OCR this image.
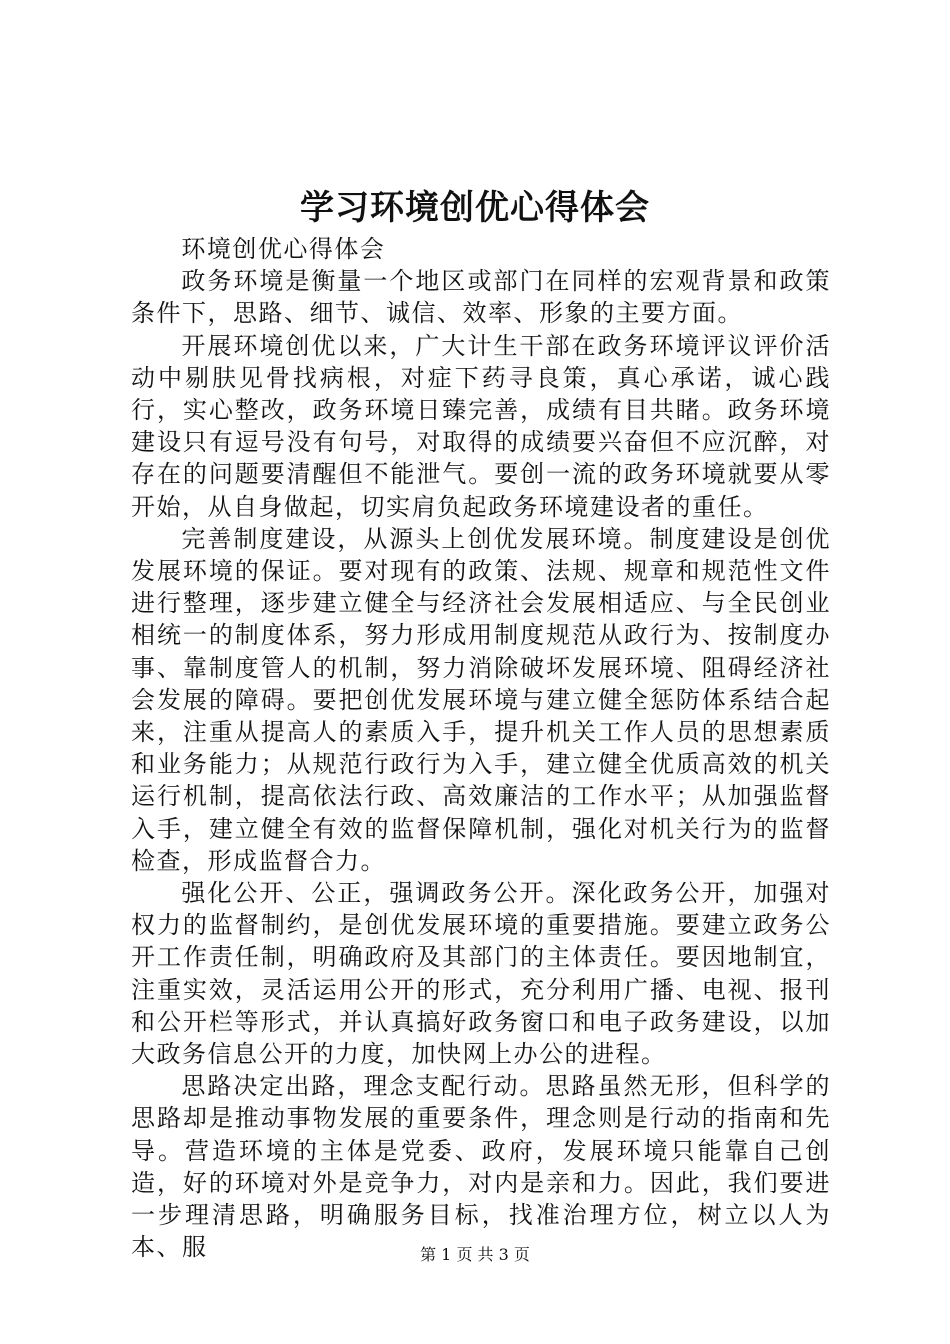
学习环境创优心得体会

环境创优心得体会

政务环境是衡量一个地区或部门在同样的宏观背景和政策条件下，思路、细节、诚信、效率、形象的主要方面。

开展环境创优以来，广大计生干部在政务环境评议评价活动中剔肤见骨找病根，对症下药寻良策，真心承诺，诚心践行，实心整改，政务环境日臻完善，成绩有目共睹。政务环境建设只有逗号没有句号，对取得的成绩要兴奋但不应沉醉，对存在的问题要清醒但不能泄气。要创一流的政务环境就要从零开始，从自身做起，切实肩负起政务环境建设者的重任。

完善制度建设，从源头上创优发展环境。制度建设是创优发展环境的保证。要对现有的政策、法规、规章和规范性文件进行整理，逐步建立健全与经济社会发展相适应、与全民创业相统一的制度体系，努力形成用制度规范从政行为、按制度办事、靠制度管人的机制，努力消除破坏发展环境、阻碍经济社会发展的障碍。要把创优发展环境与建立健全惩防体系结合起来，注重从提高人的素质入手，提升机关工作人员的思想素质和业务能力；从规范行政行为入手，建立健全优质高效的机关运行机制，提高依法行政、高效廉洁的工作水平；从加强监督入手，建立健全有效的监督保障机制，强化对机关行为的监督检查，形成监督合力。

强化公开、公正，强调政务公开。深化政务公开，加强对权力的监督制约，是创优发展环境的重要措施。要建立政务公开工作责任制，明确政府及其部门的主体责任。要因地制宜，注重实效，灵活运用公开的形式，充分利用广播、电视、报刊和公开栏等形式，并认真搞好政务窗口和电子政务建设，以加大政务信息公开的力度，加快网上办公的进程。

思路决定出路，理念支配行动。思路虽然无形，但科学的思路却是推动事物发展的重要条件，理念则是行动的指南和先导。营造环境的主体是党委、政府，发展环境只能靠自己创造，好的环境对外是竞争力，对内是亲和力。因此，我们要进一步理清思路，明确服务目标，找准治理方位，树立以人为本、服	第 1 页 共 3 页
